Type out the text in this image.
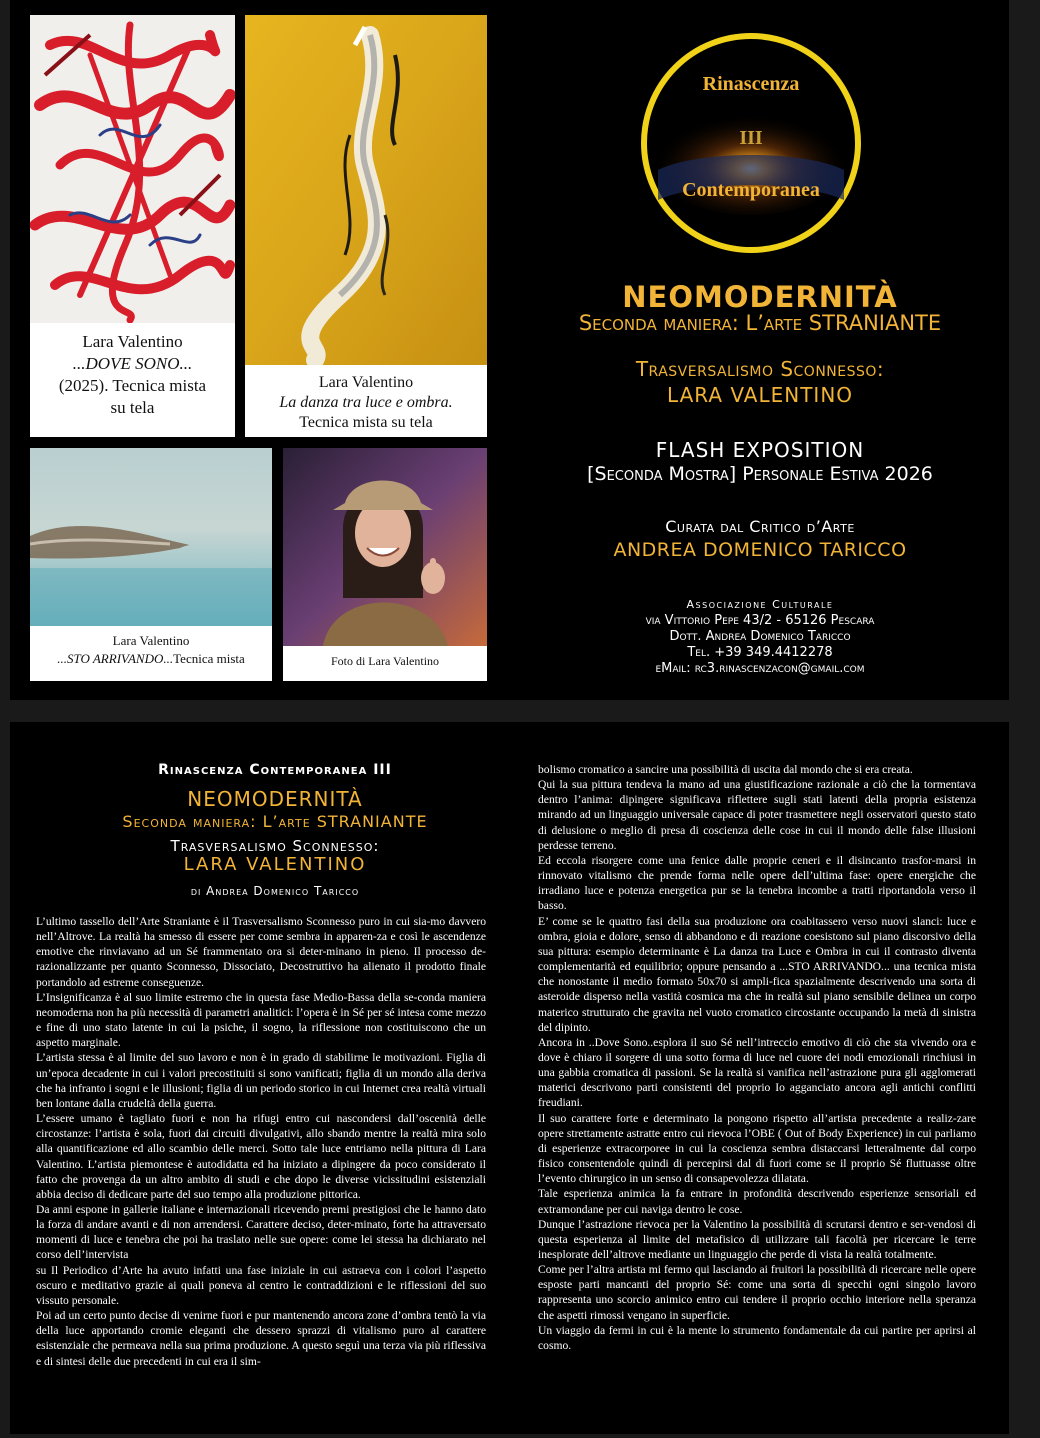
Lara Valentino
...DOVE SONO...
(2025). Tecnica mista
su tela
Lara Valentino
La danza tra luce e ombra.
Tecnica mista su tela
Lara Valentino
...STO ARRIVANDO...Tecnica mista	Foto di Lara Valentino
Rinascenza
III
Contemporanea
NEOMODERNITÀ
Seconda maniera: L’arte STRANIANTE
Trasversalismo Sconnesso:
LARA VALENTINO
FLASH EXPOSITION
[Seconda Mostra] Personale Estiva 2026
Curata dal Critico d’Arte
ANDREA DOMENICO TARICCO
Associazione Culturale
via Vittorio Pepe 43/2 - 65126 Pescara
Dott. Andrea Domenico Taricco
Tel. +39 349.4412278
eMail: rc3.rinascenzacon@gmail.com
Rinascenza Contemporanea III
NEOMODERNITÀ
Seconda maniera: L’arte STRANIANTE
Trasversalismo Sconnesso:
LARA VALENTINO
di Andrea Domenico Taricco

L’ultimo tassello dell’Arte Straniante è il Trasversalismo Sconnesso puro in cui sia-mo davvero nell’Altrove. La realtà ha smesso di essere per come sembra in apparen-za e così le ascendenze emotive che rinviavano ad un Sé frammentato ora si deter-minano in pieno. Il processo de-razionalizzante per quanto Sconnesso, Dissociato, Decostruttivo ha alienato il prodotto finale portandolo ad estreme conseguenze.

L’Insignificanza è al suo limite estremo che in questa fase Medio-Bassa della se-conda maniera neomoderna non ha più necessità di parametri analitici: l’opera è in Sé per sé intesa come mezzo e fine di uno stato latente in cui la psiche, il sogno, la riflessione non costituiscono che un aspetto marginale.

L’artista stessa è al limite del suo lavoro e non è in grado di stabilirne le motivazioni. Figlia di un’epoca decadente in cui i valori precostituiti si sono vanificati; figlia di un mondo alla deriva che ha infranto i sogni e le illusioni; figlia di un periodo storico in cui Internet crea realtà virtuali ben lontane dalla crudeltà della guerra.

L’essere umano è tagliato fuori e non ha rifugi entro cui nascondersi dall’oscenità delle circostanze: l’artista è sola, fuori dai circuiti divulgativi, allo sbando mentre la realtà mira solo alla quantificazione ed allo scambio delle merci. Sotto tale luce entriamo nella pittura di Lara Valentino. L’artista piemontese è autodidatta ed ha iniziato a dipingere da poco considerato il fatto che provenga da un altro ambito di studi e che dopo le diverse vicissitudini esistenziali abbia deciso di dedicare parte del suo tempo alla produzione pittorica.

Da anni espone in gallerie italiane e internazionali ricevendo premi prestigiosi che le hanno dato la forza di andare avanti e di non arrendersi. Carattere deciso, deter-minato, forte ha attraversato momenti di luce e tenebra che poi ha traslato nelle sue opere: come lei stessa ha dichiarato nel corso dell’intervista

su Il Periodico d’Arte ha avuto infatti una fase iniziale in cui astraeva con i colori l’aspetto oscuro e meditativo grazie ai quali poneva al centro le contraddizioni e le riflessioni del suo vissuto personale.

Poi ad un certo punto decise di venirne fuori e pur mantenendo ancora zone d’ombra tentò la via della luce apportando cromie eleganti che dessero sprazzi di vitalismo puro al carattere esistenziale che permeava nella sua prima produzione. A questo seguì una terza via più riflessiva e di sintesi delle due precedenti in cui era il sim-

bolismo cromatico a sancire una possibilità di uscita dal mondo che si era creata.

Qui la sua pittura tendeva la mano ad una giustificazione razionale a ciò che la tormentava dentro l’anima: dipingere significava riflettere sugli stati latenti della propria esistenza mirando ad un linguaggio universale capace di poter trasmettere negli osservatori questo stato di delusione o meglio di presa di coscienza delle cose in cui il mondo delle false illusioni perdesse terreno.

Ed eccola risorgere come una fenice dalle proprie ceneri e il disincanto trasfor-marsi in rinnovato vitalismo che prende forma nelle opere dell’ultima fase: opere energiche che irradiano luce e potenza energetica pur se la tenebra incombe a tratti riportandola verso il basso.

E’ come se le quattro fasi della sua produzione ora coabitassero verso nuovi slanci: luce e ombra, gioia e dolore, senso di abbandono e di reazione coesistono sul piano discorsivo della sua pittura: esempio determinante è La danza tra Luce e Ombra in cui il contrasto diventa complementarità ed equilibrio; oppure pensando a ...STO ARRIVANDO... una tecnica mista che nonostante il medio formato 50x70 si ampli-fica spazialmente descrivendo una sorta di asteroide disperso nella vastità cosmica ma che in realtà sul piano sensibile delinea un corpo materico strutturato che gravita nel vuoto cromatico circostante occupando la metà di sinistra del dipinto.

Ancora in ..Dove Sono..esplora il suo Sé nell’intreccio emotivo di ciò che sta vivendo ora e dove è chiaro il sorgere di una sotto forma di luce nel cuore dei nodi emozionali rinchiusi in una gabbia cromatica di passioni. Se la realtà si vanifica nell’astrazione pura gli agglomerati materici descrivono parti consistenti del proprio Io agganciato ancora agli antichi conflitti freudiani.

Il suo carattere forte e determinato la pongono rispetto all’artista precedente a realiz-zare opere strettamente astratte entro cui rievoca l’OBE ( Out of Body Experience) in cui parliamo di esperienze extracorporee in cui la coscienza sembra distaccarsi letteralmente dal corpo fisico consentendole quindi di percepirsi dal di fuori come se il proprio Sé fluttuasse oltre l’evento chirurgico in un senso di consapevolezza dilatata.

Tale esperienza animica la fa entrare in profondità descrivendo esperienze sensoriali ed extramondane per cui naviga dentro le cose.

Dunque l’astrazione rievoca per la Valentino la possibilità di scrutarsi dentro e ser-vendosi di questa esperienza al limite del metafisico di utilizzare tali facoltà per ricercare le terre inesplorate dell’altrove mediante un linguaggio che perde di vista la realtà totalmente.

Come per l’altra artista mi fermo qui lasciando ai fruitori la possibilità di ricercare nelle opere esposte parti mancanti del proprio Sé: come una sorta di specchi ogni singolo lavoro rappresenta uno scorcio animico entro cui tendere il proprio occhio interiore nella speranza che aspetti rimossi vengano in superficie.

Un viaggio da fermi in cui è la mente lo strumento fondamentale da cui partire per aprirsi al cosmo.
